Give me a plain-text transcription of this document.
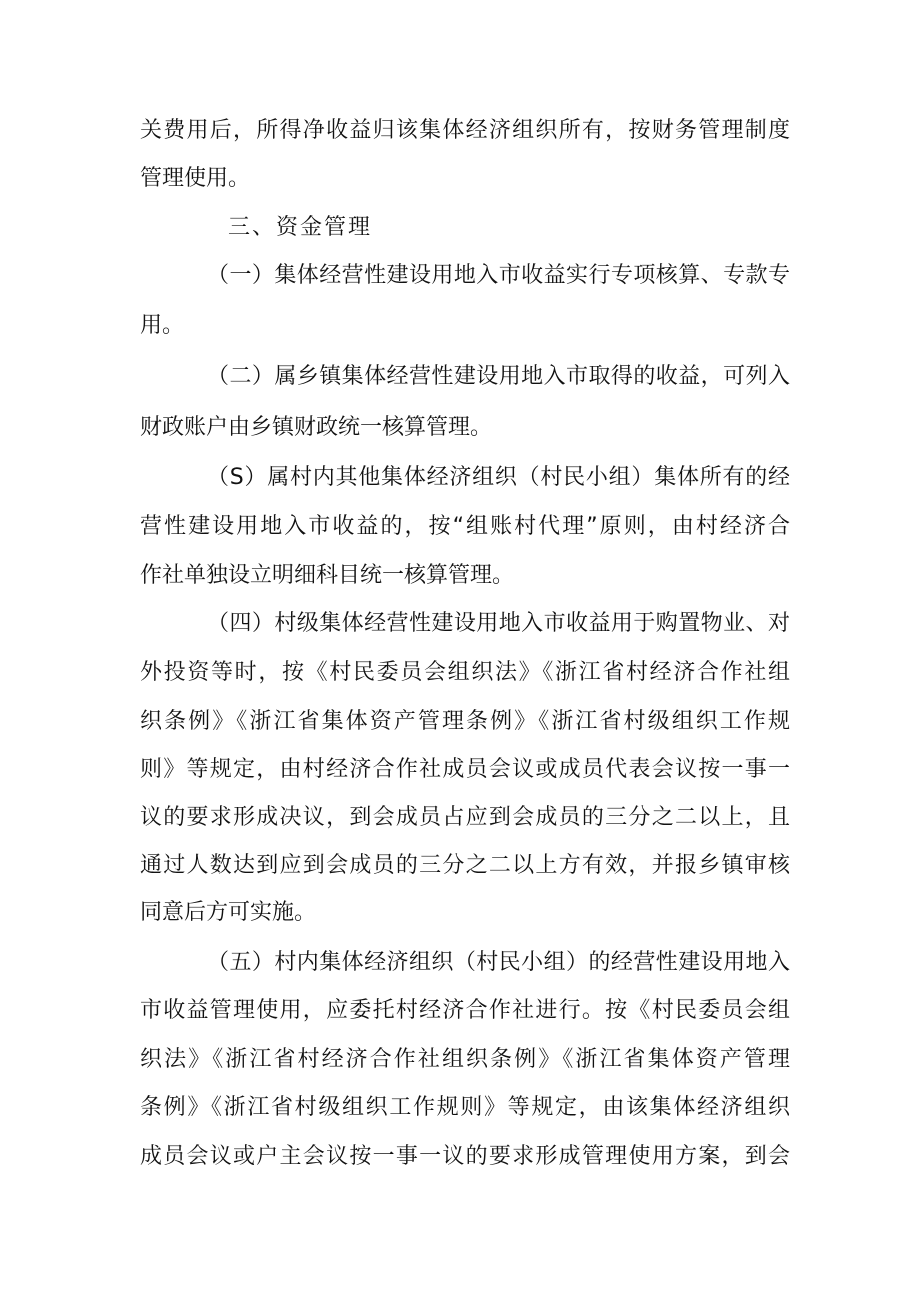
关费用后，所得净收益归该集体经济组织所有，按财务管理制度
管理使用。
三、资金管理
（一）集体经营性建设用地入市收益实行专项核算、专款专
用。
（二）属乡镇集体经营性建设用地入市取得的收益，可列入
财政账户由乡镇财政统一核算管理。
（S）属村内其他集体经济组织（村民小组）集体所有的经
营性建设用地入市收益的，按“组账村代理”原则，由村经济合
作社单独设立明细科目统一核算管理。
（四）村级集体经营性建设用地入市收益用于购置物业、对
外投资等时，按《村民委员会组织法》《浙江省村经济合作社组
织条例》《浙江省集体资产管理条例》《浙江省村级组织工作规
则》等规定，由村经济合作社成员会议或成员代表会议按一事一
议的要求形成决议，到会成员占应到会成员的三分之二以上，且
通过人数达到应到会成员的三分之二以上方有效，并报乡镇审核
同意后方可实施。
（五）村内集体经济组织（村民小组）的经营性建设用地入
市收益管理使用，应委托村经济合作社进行。按《村民委员会组
织法》《浙江省村经济合作社组织条例》《浙江省集体资产管理
条例》《浙江省村级组织工作规则》等规定，由该集体经济组织
成员会议或户主会议按一事一议的要求形成管理使用方案，到会
